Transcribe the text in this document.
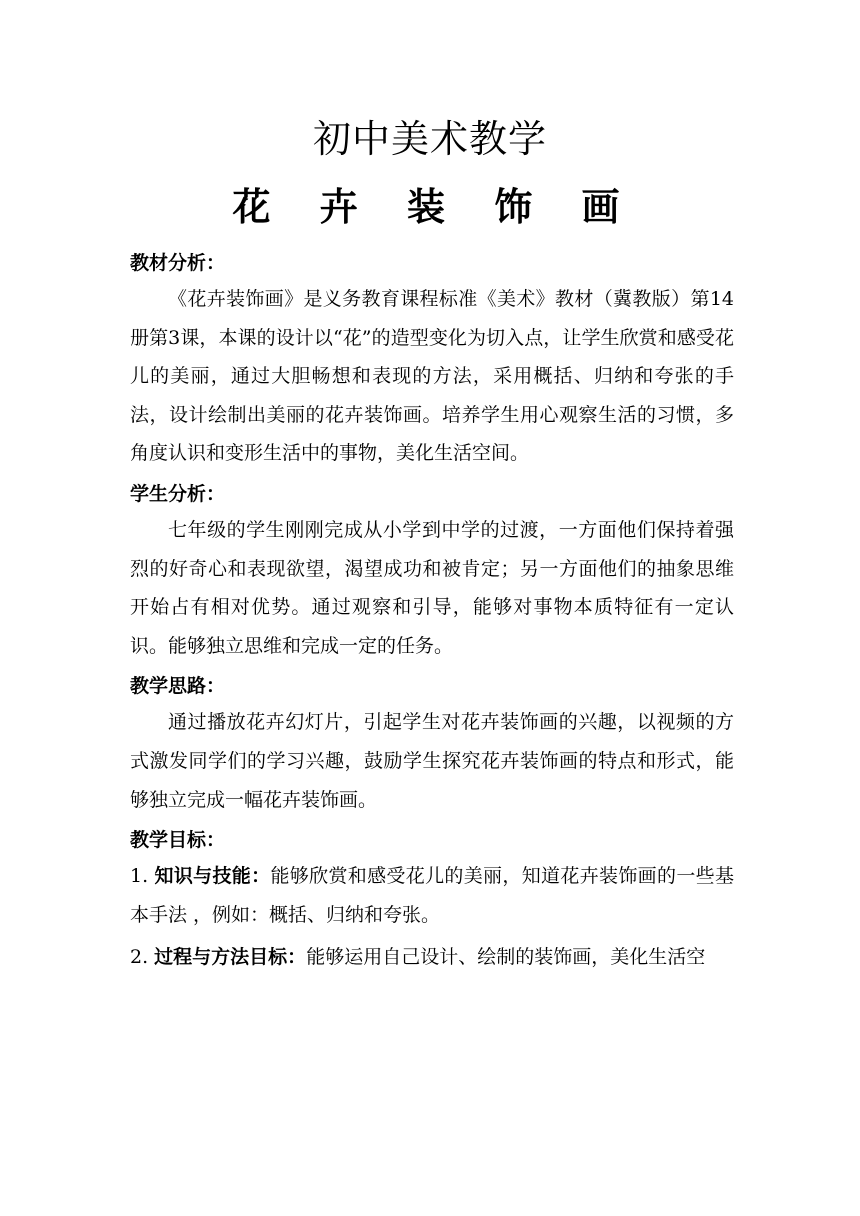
初中美术教学
花 卉 装 饰 画

教材分析：

《花卉装饰画》是义务教育课程标准《美术》教材（冀教版）第14册第3课，本课的设计以“花”的造型变化为切入点，让学生欣赏和感受花儿的美丽，通过大胆畅想和表现的方法，采用概括、归纳和夸张的手法，设计绘制出美丽的花卉装饰画。培养学生用心观察生活的习惯，多角度认识和变形生活中的事物，美化生活空间。

学生分析：

七年级的学生刚刚完成从小学到中学的过渡，一方面他们保持着强烈的好奇心和表现欲望，渴望成功和被肯定；另一方面他们的抽象思维开始占有相对优势。通过观察和引导，能够对事物本质特征有一定认识。能够独立思维和完成一定的任务。

教学思路：

通过播放花卉幻灯片，引起学生对花卉装饰画的兴趣，以视频的方式激发同学们的学习兴趣，鼓励学生探究花卉装饰画的特点和形式，能够独立完成一幅花卉装饰画。

教学目标：

1. 知识与技能：能够欣赏和感受花儿的美丽，知道花卉装饰画的一些基本手法 ，例如：概括、归纳和夸张。

2. 过程与方法目标：能够运用自己设计、绘制的装饰画，美化生活空
